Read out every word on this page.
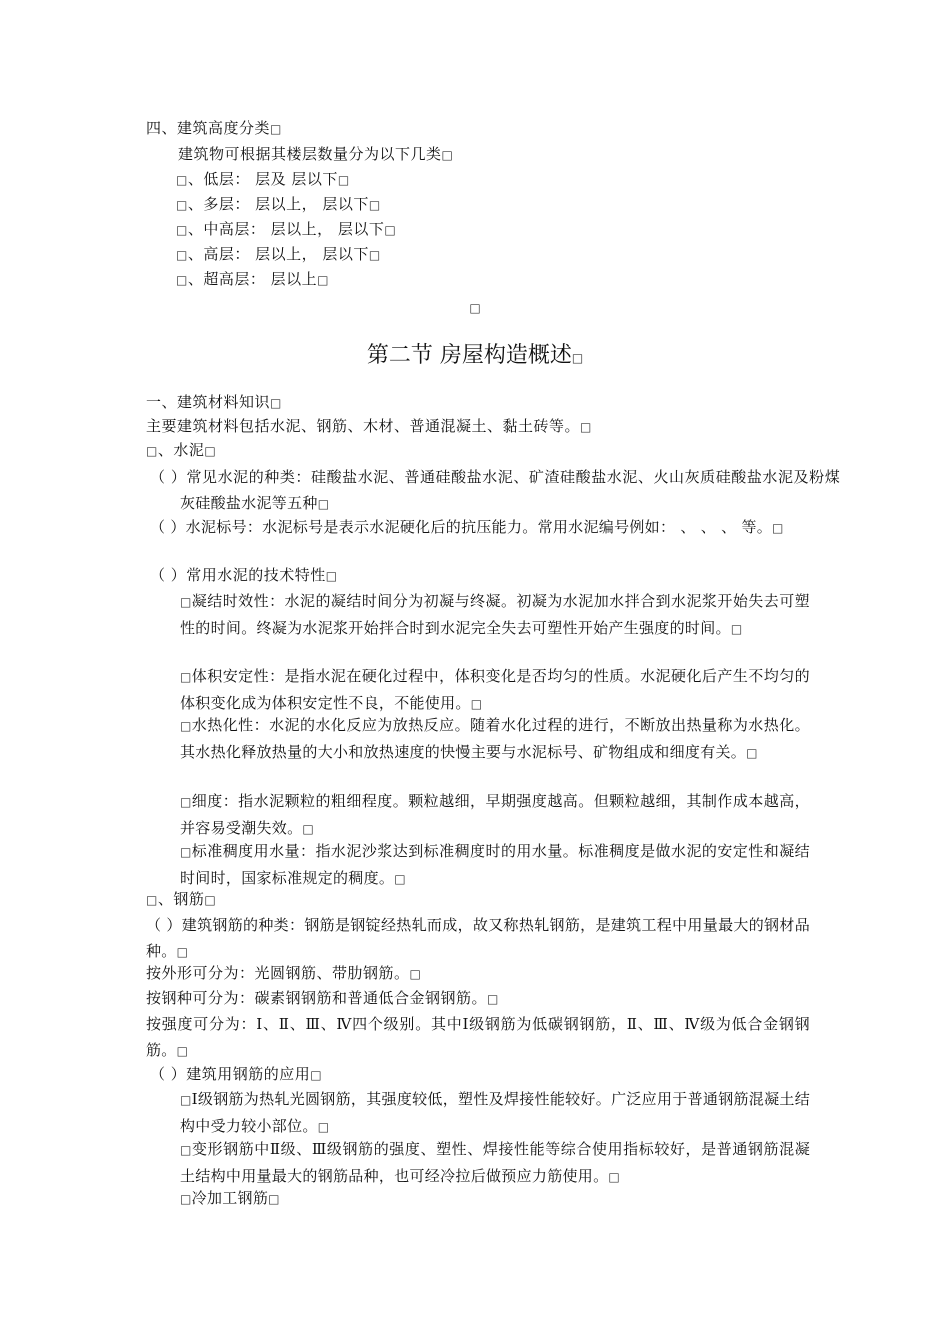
四、建筑高度分类□
建筑物可根据其楼层数量分为以下几类□
□、低层： 层及 层以下□
□、多层： 层以上， 层以下□
□、中高层： 层以上， 层以下□
□、高层： 层以上， 层以下□
□、超高层： 层以上□
□
第二节 房屋构造概述□
一、建筑材料知识□
主要建筑材料包括水泥、钢筋、木材、普通混凝土、黏土砖等。□
□、水泥□
（ ）常见水泥的种类：硅酸盐水泥、普通硅酸盐水泥、矿渣硅酸盐水泥、火山灰质硅酸盐水泥及粉煤灰硅酸盐水泥等五种□
（ ）水泥标号：水泥标号是表示水泥硬化后的抗压能力。常用水泥编号例如： 、 、 、 等。□
（ ）常用水泥的技术特性□
□凝结时效性：水泥的凝结时间分为初凝与终凝。初凝为水泥加水拌合到水泥浆开始失去可塑性的时间。终凝为水泥浆开始拌合时到水泥完全失去可塑性开始产生强度的时间。□
□体积安定性：是指水泥在硬化过程中，体积变化是否均匀的性质。水泥硬化后产生不均匀的体积变化成为体积安定性不良，不能使用。□
□水热化性：水泥的水化反应为放热反应。随着水化过程的进行，不断放出热量称为水热化。其水热化释放热量的大小和放热速度的快慢主要与水泥标号、矿物组成和细度有关。□
□细度：指水泥颗粒的粗细程度。颗粒越细，早期强度越高。但颗粒越细，其制作成本越高，并容易受潮失效。□
□标准稠度用水量：指水泥沙浆达到标准稠度时的用水量。标准稠度是做水泥的安定性和凝结时间时，国家标准规定的稠度。□
□、钢筋□
（ ）建筑钢筋的种类：钢筋是钢锭经热轧而成，故又称热轧钢筋，是建筑工程中用量最大的钢材品种。□
按外形可分为：光圆钢筋、带肋钢筋。□
按钢种可分为：碳素钢钢筋和普通低合金钢钢筋。□
按强度可分为：Ⅰ、Ⅱ、Ⅲ、Ⅳ四个级别。其中Ⅰ级钢筋为低碳钢钢筋，Ⅱ、Ⅲ、Ⅳ级为低合金钢钢筋。□
（ ）建筑用钢筋的应用□
□Ⅰ级钢筋为热轧光圆钢筋，其强度较低，塑性及焊接性能较好。广泛应用于普通钢筋混凝土结构中受力较小部位。□
□变形钢筋中Ⅱ级、Ⅲ级钢筋的强度、塑性、焊接性能等综合使用指标较好，是普通钢筋混凝土结构中用量最大的钢筋品种，也可经冷拉后做预应力筋使用。□
□冷加工钢筋□
